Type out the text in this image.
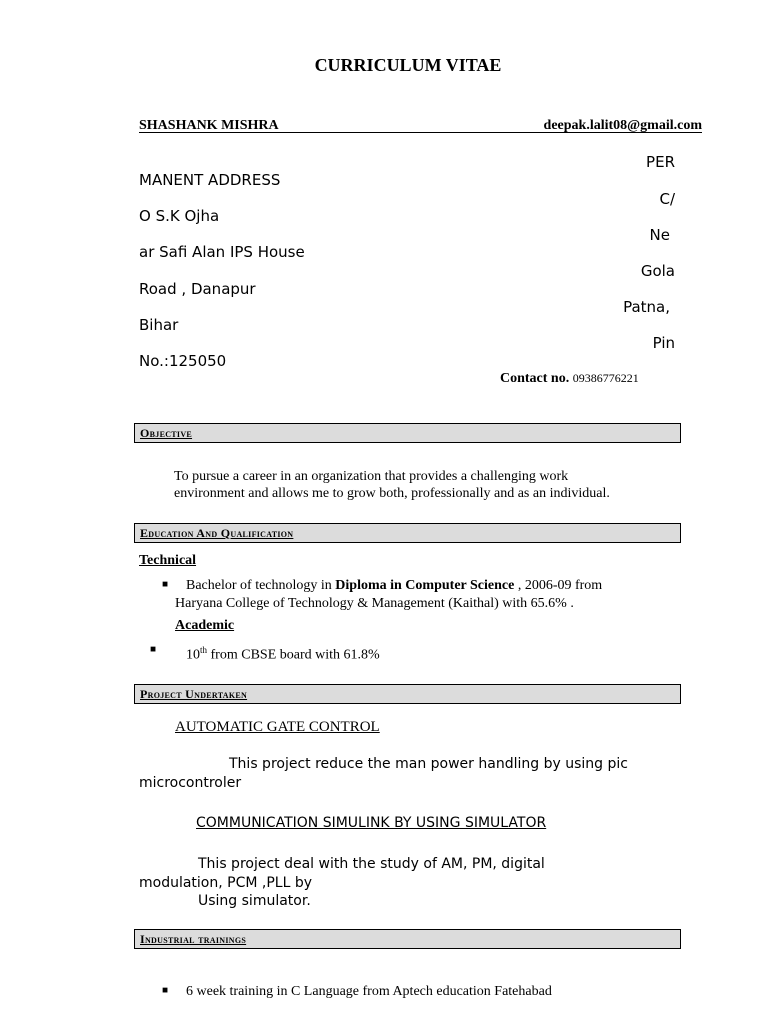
CURRICULUM VITAE
SHASHANK MISHRA	deepak.lalit08@gmail.com
MANENT ADDRESS
O S.K Ojha
ar Safi Alan IPS House
Road , Danapur
Bihar
No.:125050
PER
C/
Ne
Gola
Patna,
Pin
Contact no. 09386776221
Objective
To pursue a career in an organization that provides a challenging work
environment and allows me to grow both, professionally and as an individual.
Education And Qualification
Technical
■ Bachelor of technology in Diploma in Computer Science , 2006-09 from
Haryana College of Technology & Management (Kaithal) with 65.6% .
Academic
■ 10th from CBSE board with 61.8%
Project Undertaken
AUTOMATIC GATE CONTROL
This project reduce the man power handling by using pic
microcontroler
COMMUNICATION SIMULINK BY USING SIMULATOR
This project deal with the study of AM, PM, digital
modulation, PCM ,PLL by
Using simulator.
Industrial trainings
■ 6 week training in C Language from Aptech education Fatehabad
